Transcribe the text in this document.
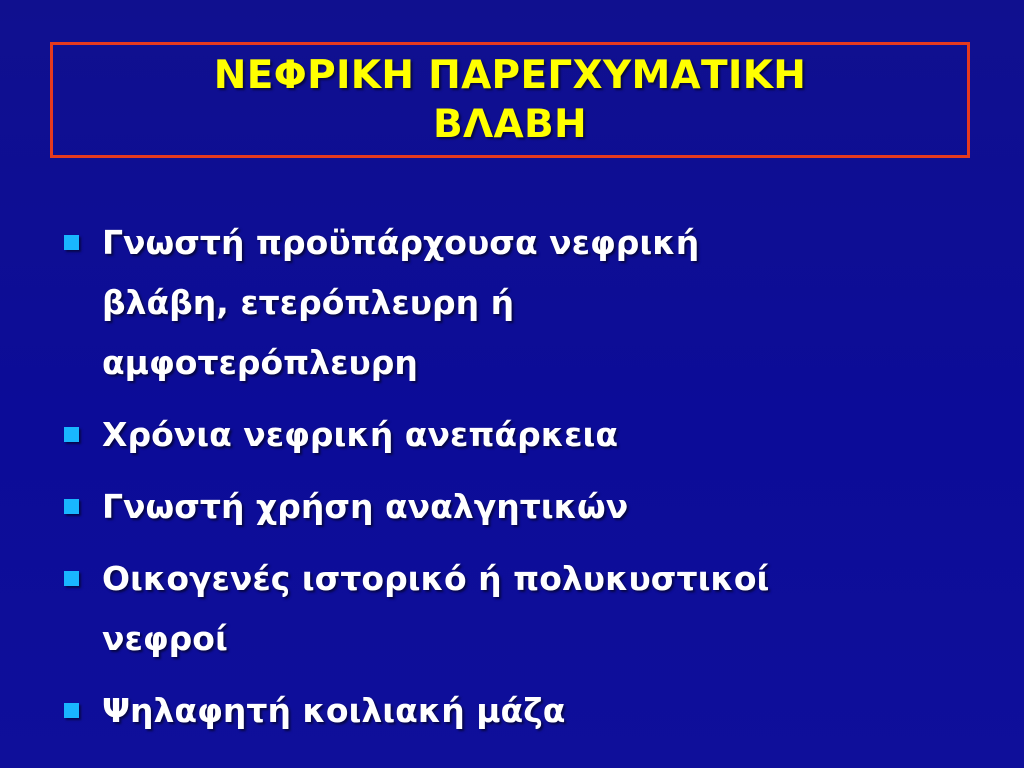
ΝΕΦΡΙΚΗ ΠΑΡΕΓΧΥΜΑΤΙΚΗ
ΒΛΑΒΗ
Γνωστή προϋπάρχουσα νεφρική
βλάβη, ετερόπλευρη ή
αμφοτερόπλευρη
Χρόνια νεφρική ανεπάρκεια
Γνωστή χρήση αναλγητικών
Οικογενές ιστορικό ή πολυκυστικοί
νεφροί
Ψηλαφητή κοιλιακή μάζα
